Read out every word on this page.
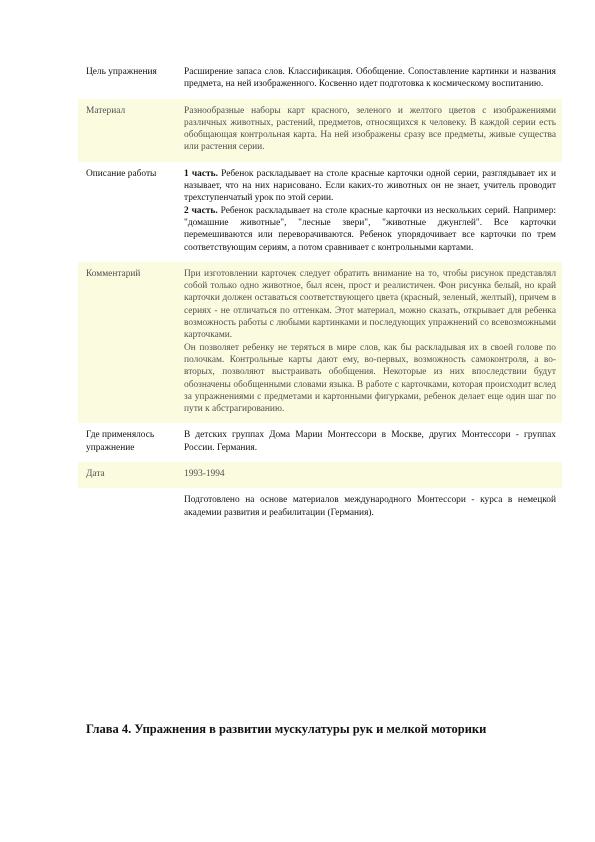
Цель упражнения	Расширение запаса слов. Классификация. Обобщение. Сопоставление картинки и названия предмета, на ней изображенного. Косвенно идет подготовка к космическому воспитанию.
Материал	Разнообразные наборы карт красного, зеленого и желтого цветов с изображениями различных животных, растений, предметов, относящихся к человеку. В каждой серии есть обобщающая контрольная карта. На ней изображены сразу все предметы, живые существа или растения серии.
Описание работы	1 часть. Ребенок раскладывает на столе красные карточки одной серии, разглядывает их и называет, что на них нарисовано. Если каких-то животных он не знает, учитель проводит трехступенчатый урок по этой серии.
2 часть. Ребенок раскладывает на столе красные карточки из нескольких серий. Например: "домашние животные", "лесные звери", "животные джунглей". Все карточки перемешиваются или переворачиваются. Ребенок упорядочивает все карточки по трем соответствующим сериям, а потом сравнивает с контрольными картами.

Комментарий	При изготовлении карточек следует обратить внимание на то, чтобы рисунок представлял собой только одно животное, был ясен, прост и реалистичен. Фон рисунка белый, но край карточки должен оставаться соответствующего цвета (красный, зеленый, желтый), причем в сериях - не отличаться по оттенкам. Этот материал, можно сказать, открывает для ребенка возможность работы с любыми картинками и последующих упражнений со всевозможными карточками.
Он позволяет ребенку не теряться в мире слов, как бы раскладывая их в своей голове по полочкам. Контрольные карты дают ему, во-первых, возможность самоконтроля, а во-вторых, позволяют выстраивать обобщения. Некоторые из них впоследствии будут обозначены обобщенными словами языка. В работе с карточками, которая происходит вслед за упражнениями с предметами и картонными фигурками, ребенок делает еще один шаг по пути к абстрагированию.

Где применялось упражнение	В детских группах Дома Марии Монтессори в Москве, других Монтессори - группах России. Германия.
Дата	1993-1994
	Подготовлено на основе материалов международного Монтессори - курса в немецкой академии развития и реабилитации (Германия).
Глава 4. Упражнения в развитии мускулатуры рук и мелкой моторики
